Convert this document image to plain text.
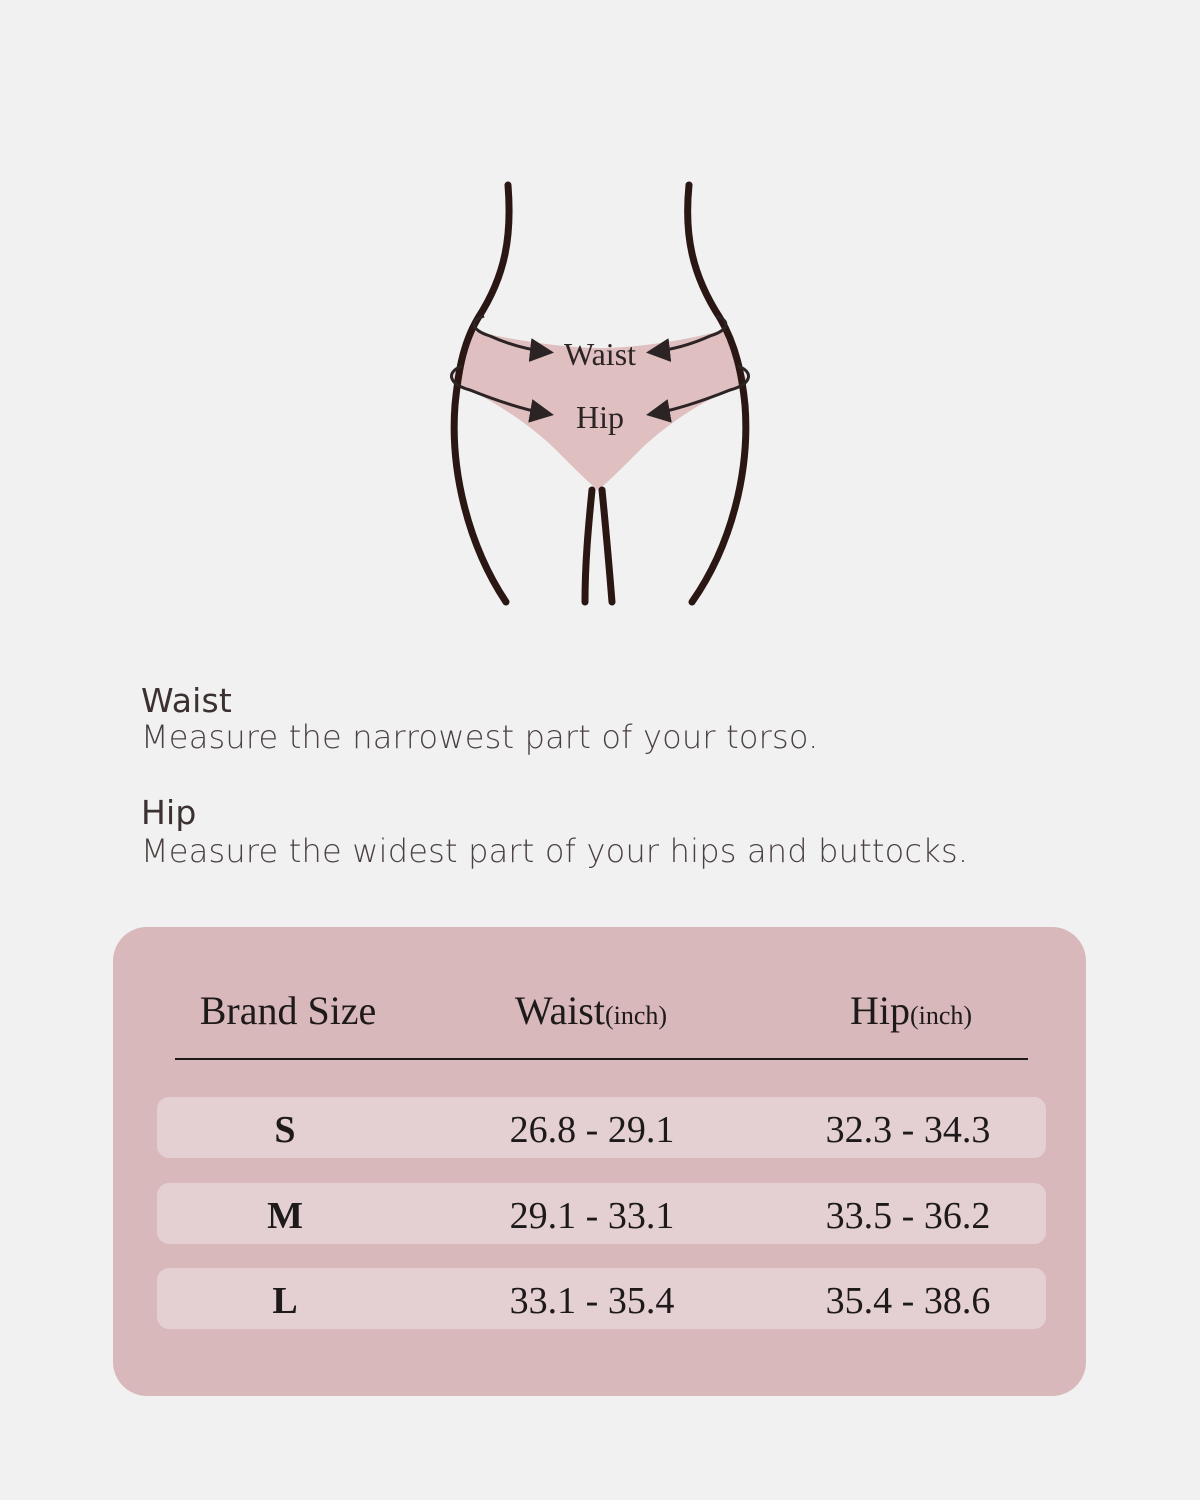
Waist
Hip
Waist
Measure the narrowest part of your torso.
Hip
Measure the widest part of your hips and buttocks.
Brand Size	Waist(inch)	Hip(inch)
S	26.8 - 29.1	32.3 - 34.3
M	29.1 - 33.1	33.5 - 36.2
L	33.1 - 35.4	35.4 - 38.6
